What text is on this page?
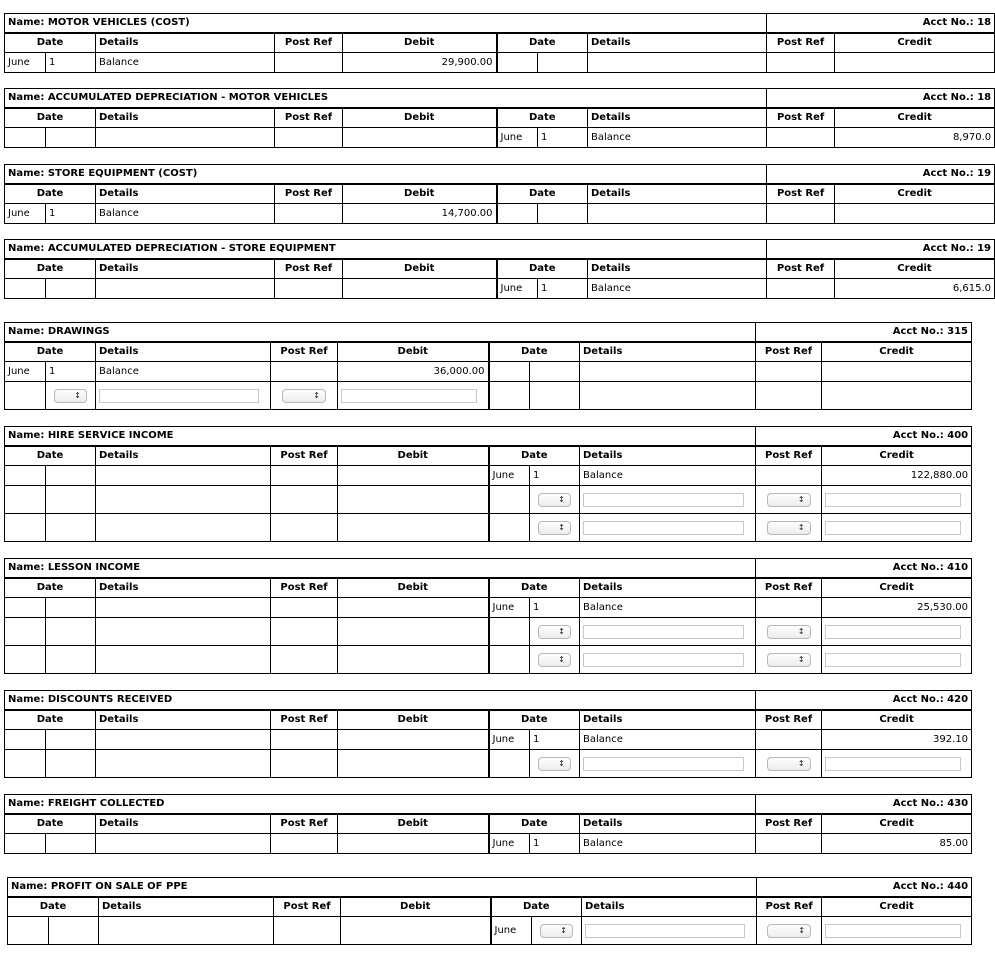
Name: MOTOR VEHICLES (COST)								Acct No.: 18	
Date		Details	Post Ref	Debit	Date		Details	Post Ref	Credit
June	1	Balance		29,900.00					
Name: ACCUMULATED DEPRECIATION - MOTOR VEHICLES								Acct No.: 18	
Date		Details	Post Ref	Debit	Date		Details	Post Ref	Credit
					June	1	Balance		8,970.0
Name: STORE EQUIPMENT (COST)								Acct No.: 19	
Date		Details	Post Ref	Debit	Date		Details	Post Ref	Credit
June	1	Balance		14,700.00					
Name: ACCUMULATED DEPRECIATION - STORE EQUIPMENT								Acct No.: 19	
Date		Details	Post Ref	Debit	Date		Details	Post Ref	Credit
					June	1	Balance		6,615.0
Name: DRAWINGS								Acct No.: 315	
Date		Details	Post Ref	Debit	Date		Details	Post Ref	Credit
June	1	Balance		36,000.00					
	↕		↕						
Name: HIRE SERVICE INCOME								Acct No.: 400	
Date		Details	Post Ref	Debit	Date		Details	Post Ref	Credit
					June	1	Balance		122,880.00
						↕		↕	
						↕		↕	
Name: LESSON INCOME								Acct No.: 410	
Date		Details	Post Ref	Debit	Date		Details	Post Ref	Credit
					June	1	Balance		25,530.00
						↕		↕	
						↕		↕	
Name: DISCOUNTS RECEIVED								Acct No.: 420	
Date		Details	Post Ref	Debit	Date		Details	Post Ref	Credit
					June	1	Balance		392.10
						↕		↕	
Name: FREIGHT COLLECTED								Acct No.: 430	
Date		Details	Post Ref	Debit	Date		Details	Post Ref	Credit
					June	1	Balance		85.00
Name: PROFIT ON SALE OF PPE								Acct No.: 440	
Date		Details	Post Ref	Debit	Date		Details	Post Ref	Credit
					June	↕		↕	
